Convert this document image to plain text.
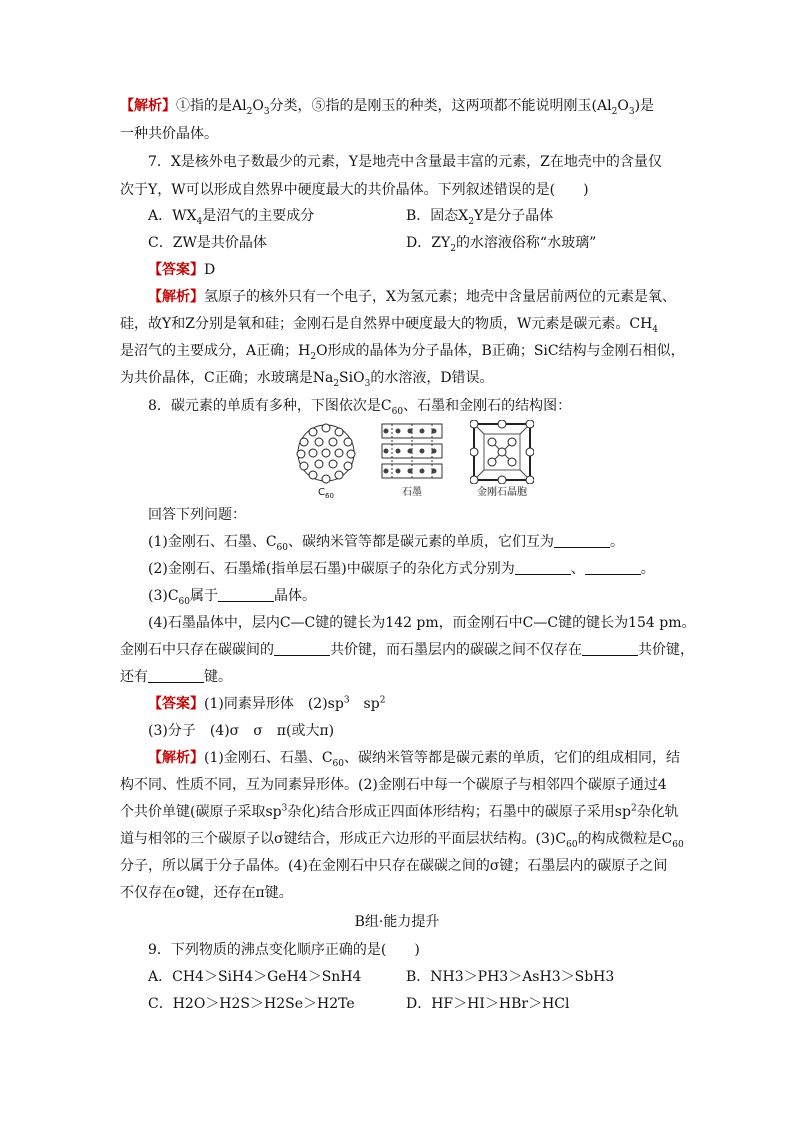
【解析】①指的是$Al_2O_3$分类，⑤指的是刚玉的种类，这两项都不能说明刚玉$(Al_2O_3)$是
一种共价晶体。
7．X是核外电子数最少的元素，Y是地壳中含量最丰富的元素，Z在地壳中的含量仅
次于Y，W可以形成自然界中硬度最大的共价晶体。下列叙述错误的是(　　)
A．$WX_4$是沼气的主要成分	B．固态$X_2Y$是分子晶体
C．ZW是共价晶体	D．$ZY_2$的水溶液俗称“水玻璃”
【答案】D
【解析】氢原子的核外只有一个电子，X为氢元素；地壳中含量居前两位的元素是氧、
硅，故Y和Z分别是氧和硅；金刚石是自然界中硬度最大的物质，W元素是碳元素。$CH_4$
是沼气的主要成分，A正确；$H_2O$形成的晶体为分子晶体，B正确；SiC结构与金刚石相似，
为共价晶体，C正确；水玻璃是$Na_2SiO_3$的水溶液，D错误。
8．碳元素的单质有多种，下图依次是$C_{60}$、石墨和金刚石的结构图：
$C_{60}$	石墨	金刚石晶胞
回答下列问题：
(1)金刚石、石墨、$C_{60}$、碳纳米管等都是碳元素的单质，它们互为	。
(2)金刚石、石墨烯(指单层石墨)中碳原子的杂化方式分别为	、	。
$(3)C_{60}$属于	晶体。
(4)石墨晶体中，层内C—C键的键长为142 pm，而金刚石中C—C键的键长为154 pm。
金刚石中只存在碳碳间的	共价键，而石墨层内的碳碳之间不仅存在	共价键，
还有	键。
【答案】(1)同素异形体　$(2)sp^3$　$sp^2$
(3)分子　(4)σ　σ　π(或大π)
【解析】(1)金刚石、石墨、$C_{60}$、碳纳米管等都是碳元素的单质，它们的组成相同，结
构不同、性质不同，互为同素异形体。(2)金刚石中每一个碳原子与相邻四个碳原子通过4
个共价单键(碳原子采取$sp^3$杂化)结合形成正四面体形结构；石墨中的碳原子采用$sp^2$杂化轨
道与相邻的三个碳原子以σ键结合，形成正六边形的平面层状结构。$(3)C_{60}$的构成微粒是$C_{60}$
分子，所以属于分子晶体。(4)在金刚石中只存在碳碳之间的σ键；石墨层内的碳原子之间
不仅存在σ键，还存在π键。
B组·能力提升
9．下列物质的沸点变化顺序正确的是(　　)
A．CH4＞SiH4＞GeH4＞SnH4	B．NH3＞PH3＞AsH3＞SbH3
C．H2O＞H2S＞H2Se＞H2Te	D．HF＞HI＞HBr＞HCl
